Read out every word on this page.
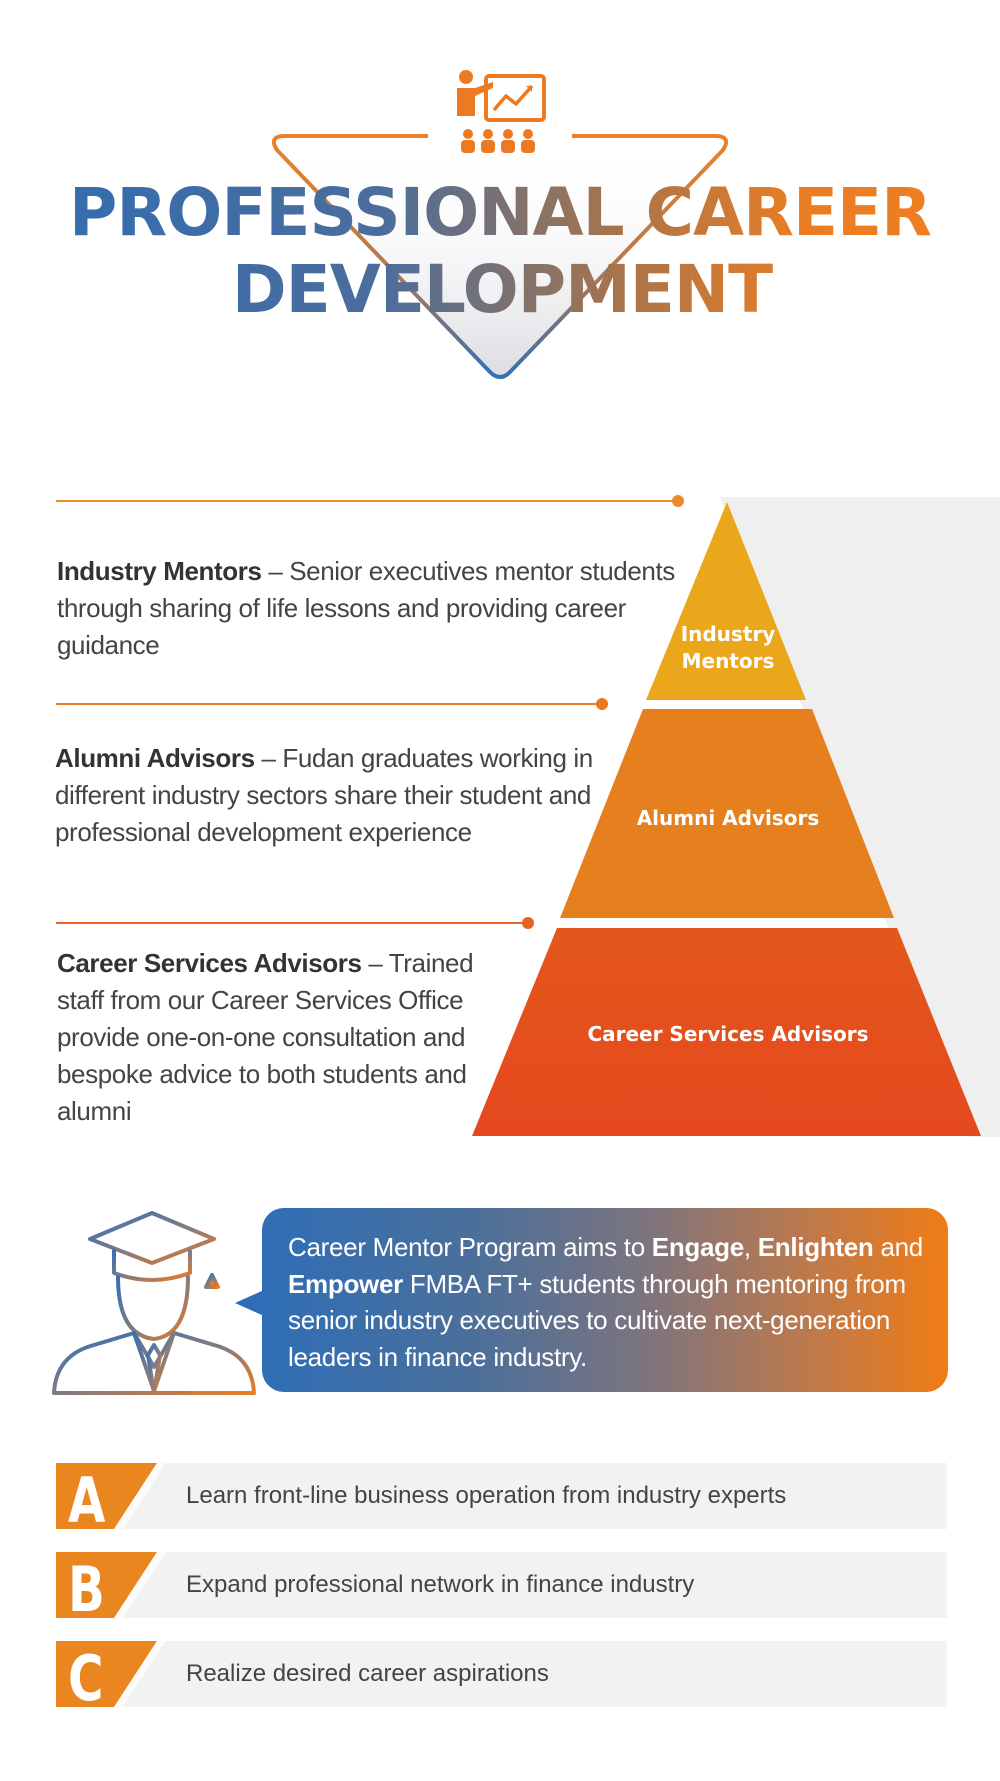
PROFESSIONAL CAREER
DEVELOPMENT
Industry
Mentors
Alumni Advisors
Career Services Advisors
Industry Mentors – Senior executives mentor students through sharing of life lessons and providing career guidance
Alumni Advisors – Fudan graduates working in different industry sectors share their student and professional development experience
Career Services Advisors – Trained staff from our Career Services Office provide one-on-one consultation and bespoke advice to both students and alumni
Career Mentor Program aims to Engage, Enlighten and Empower FMBA FT+ students through mentoring from senior industry executives to cultivate next-generation leaders in finance industry.
A	Learn front-line business operation from industry experts
B	Expand professional network in finance industry
C	Realize desired career aspirations
